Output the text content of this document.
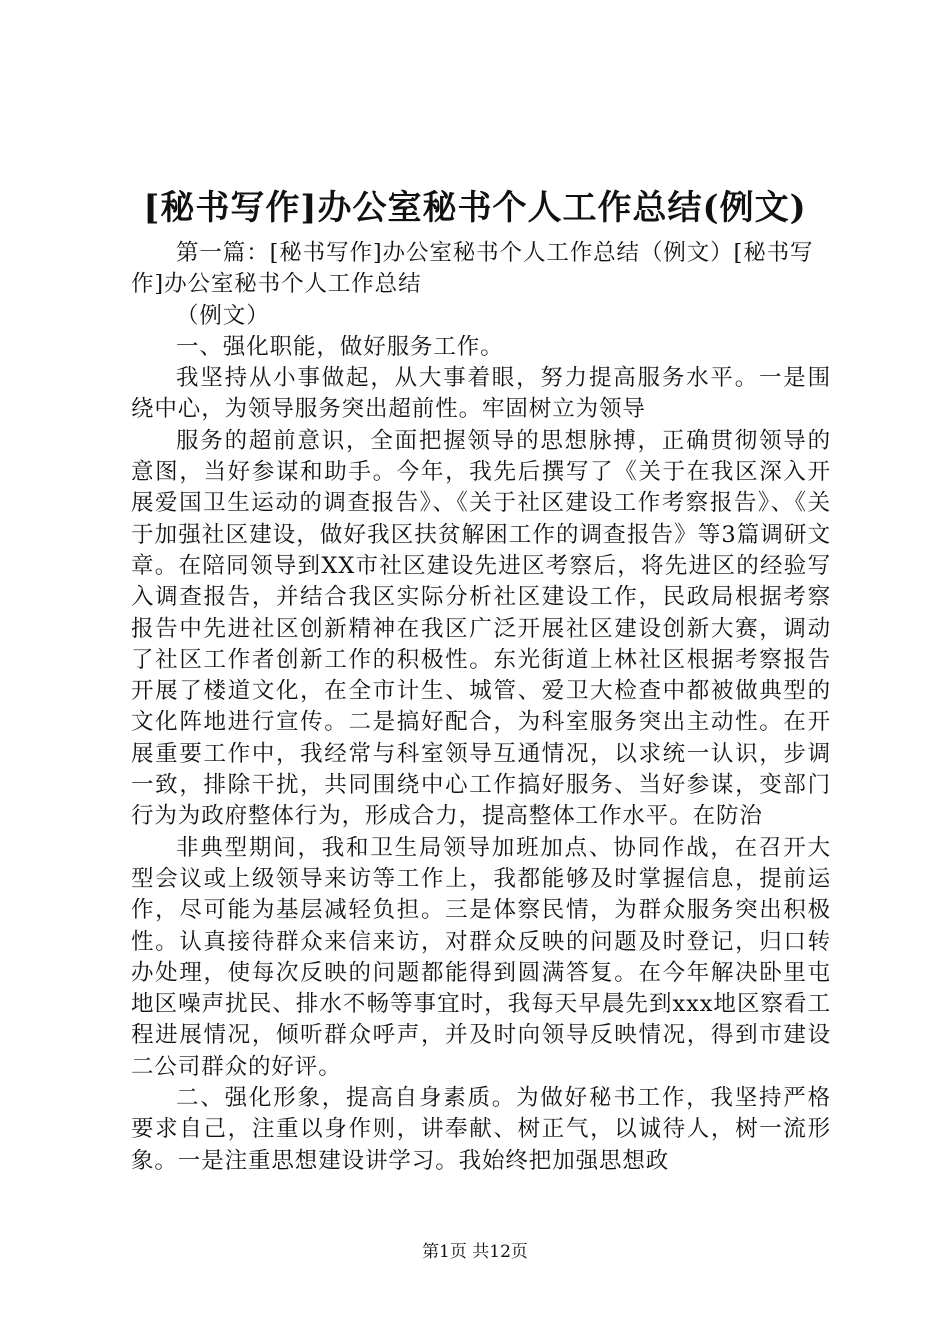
[秘书写作]办公室秘书个人工作总结(例文)

第一篇：[秘书写作]办公室秘书个人工作总结（例文）[秘书写作]办公室秘书个人工作总结

（例文）

一、强化职能，做好服务工作。

我坚持从小事做起，从大事着眼，努力提高服务水平。一是围绕中心，为领导服务突出超前性。牢固树立为领导

服务的超前意识，全面把握领导的思想脉搏，正确贯彻领导的意图，当好参谋和助手。今年，我先后撰写了《关于在我区深入开展爱国卫生运动的调查报告》、《关于社区建设工作考察报告》、《关于加强社区建设，做好我区扶贫解困工作的调查报告》等3篇调研文章。在陪同领导到XX市社区建设先进区考察后，将先进区的经验写入调查报告，并结合我区实际分析社区建设工作，民政局根据考察报告中先进社区创新精神在我区广泛开展社区建设创新大赛，调动了社区工作者创新工作的积极性。东光街道上林社区根据考察报告开展了楼道文化，在全市计生、城管、爱卫大检查中都被做典型的文化阵地进行宣传。二是搞好配合，为科室服务突出主动性。在开展重要工作中，我经常与科室领导互通情况，以求统一认识，步调一致，排除干扰，共同围绕中心工作搞好服务、当好参谋，变部门行为为政府整体行为，形成合力，提高整体工作水平。在防治

非典型期间，我和卫生局领导加班加点、协同作战，在召开大型会议或上级领导来访等工作上，我都能够及时掌握信息，提前运作，尽可能为基层减轻负担。三是体察民情，为群众服务突出积极性。认真接待群众来信来访，对群众反映的问题及时登记，归口转办处理，使每次反映的问题都能得到圆满答复。在今年解决卧里屯地区噪声扰民、排水不畅等事宜时，我每天早晨先到xxx地区察看工程进展情况，倾听群众呼声，并及时向领导反映情况，得到市建设二公司群众的好评。

二、强化形象，提高自身素质。为做好秘书工作，我坚持严格要求自己，注重以身作则，讲奉献、树正气，以诚待人，树一流形象。一是注重思想建设讲学习。我始终把加强思想政

第1页 共12页
